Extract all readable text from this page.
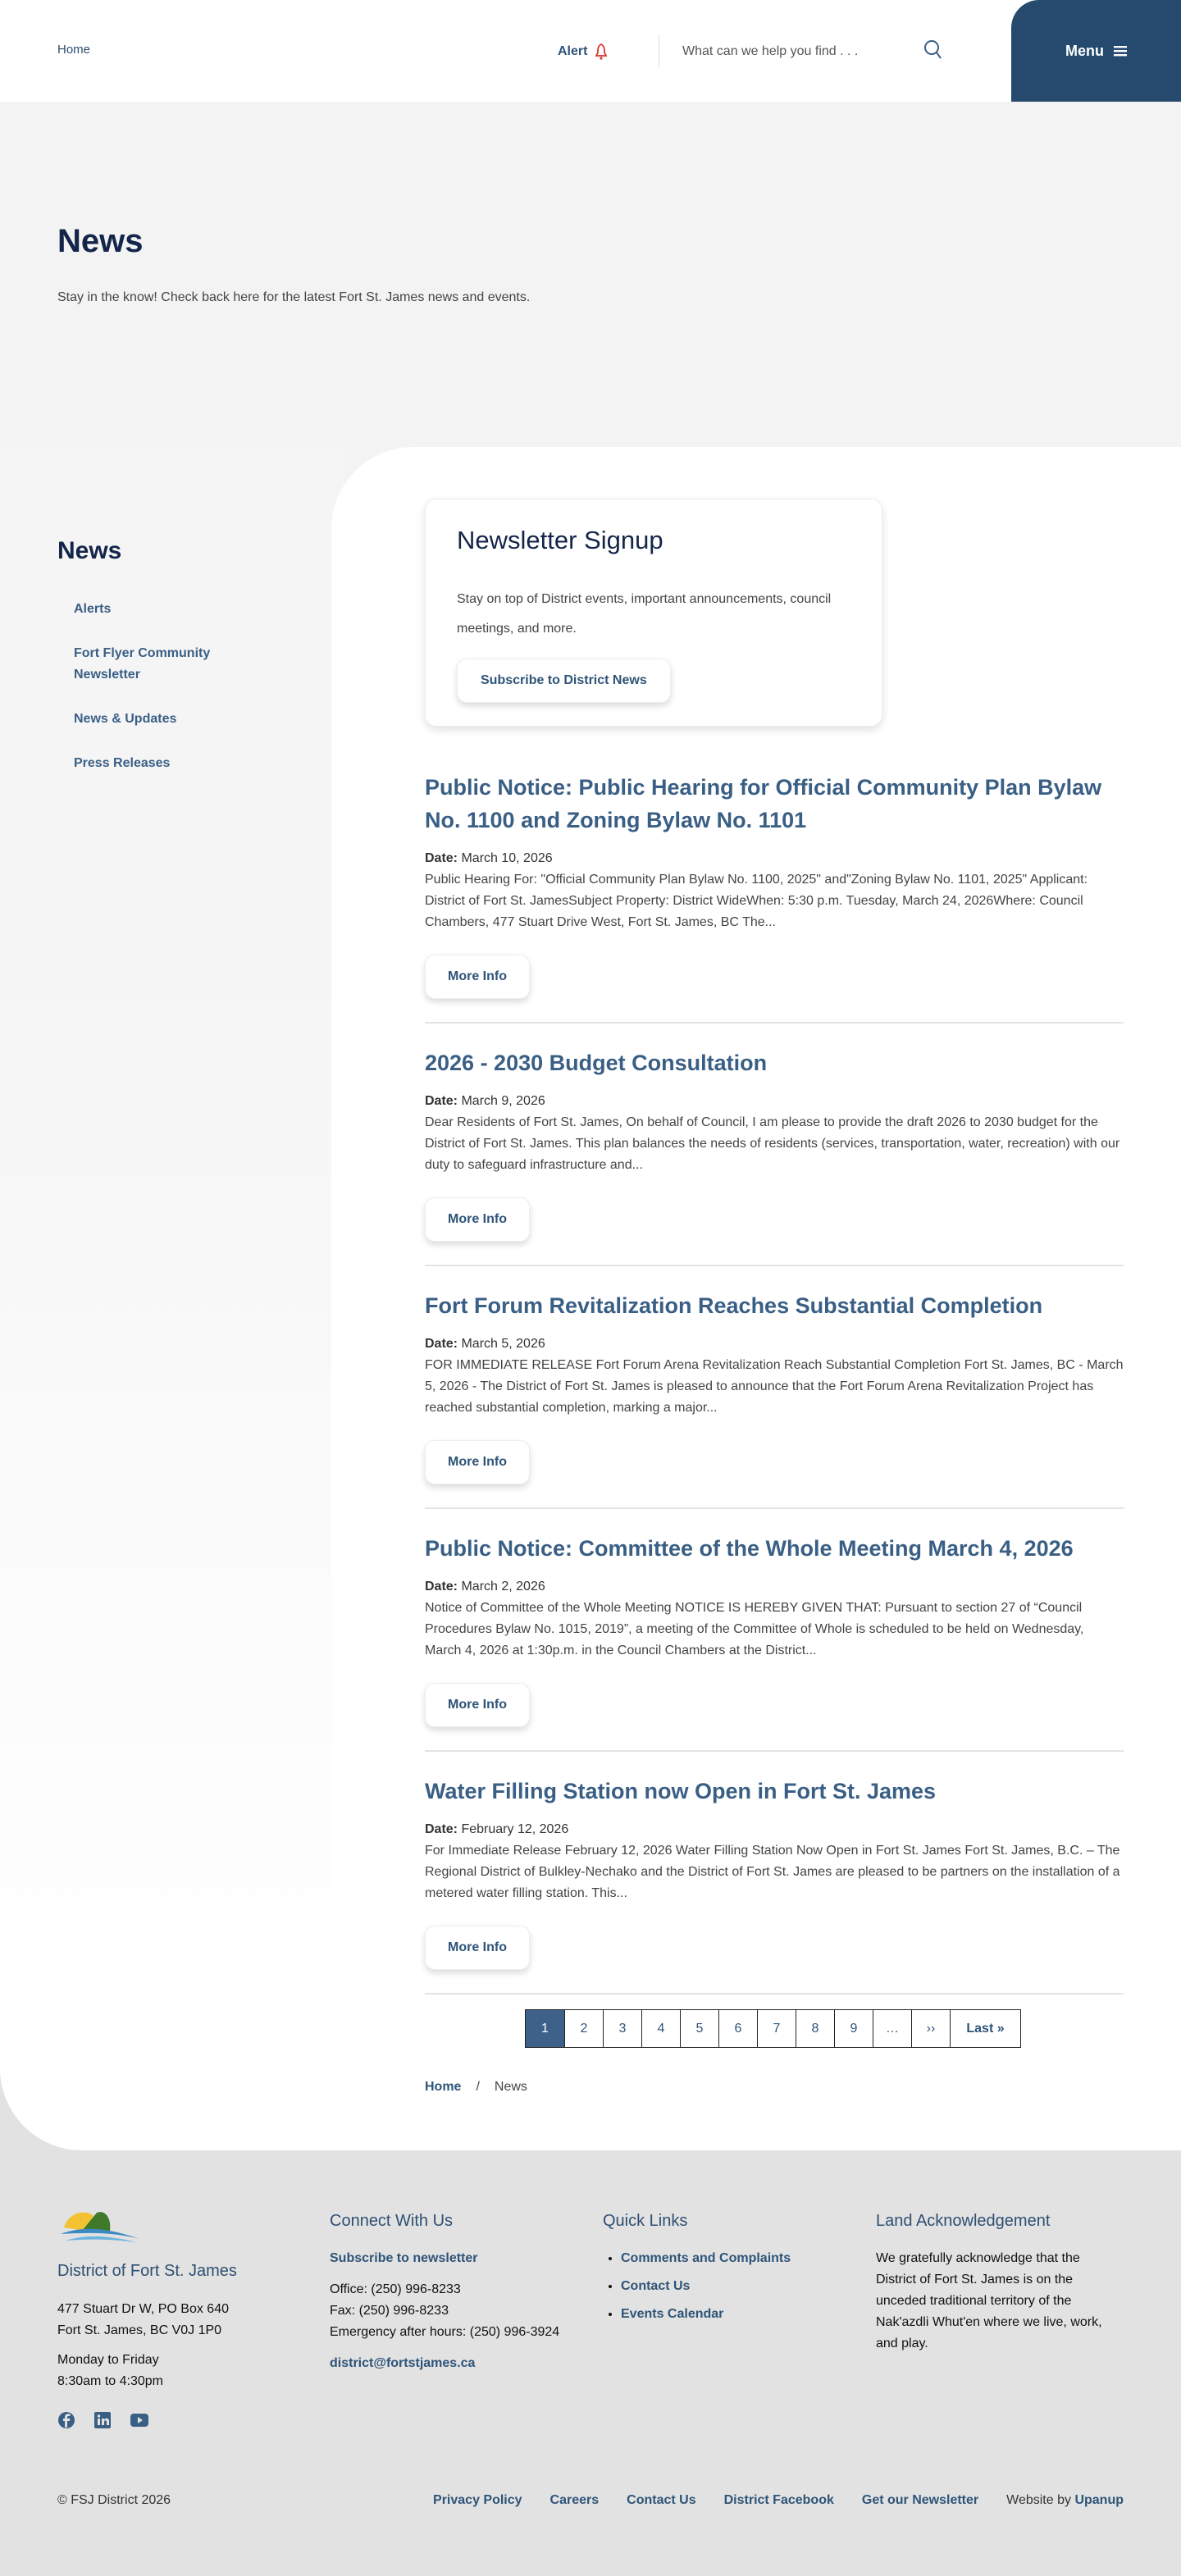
Home	Alert
What can we help you find . . .	Menu
News

Stay in the know! Check back here for the latest Fort St. James news and events.

News
Alerts
Fort Flyer Community Newsletter
News & Updates
Press Releases
Newsletter Signup

Stay on top of District events, important announcements, council meetings, and more.

Subscribe to District News
Public Notice: Public Hearing for Official Community Plan Bylaw No. 1100 and Zoning Bylaw No. 1101
Date: March 10, 2026

Public Hearing For: "Official Community Plan Bylaw No. 1100, 2025" and"Zoning Bylaw No. 1101, 2025" Applicant: District of Fort St. JamesSubject Property: District WideWhen: 5:30 p.m. Tuesday, March 24, 2026Where: Council Chambers, 477 Stuart Drive West, Fort St. James, BC The...

More Info
2026 - 2030 Budget Consultation
Date: March 9, 2026

Dear Residents of Fort St. James, On behalf of Council, I am please to provide the draft 2026 to 2030 budget for the District of Fort St. James. This plan balances the needs of residents (services, transportation, water, recreation) with our duty to safeguard infrastructure and...

More Info
Fort Forum Revitalization Reaches Substantial Completion
Date: March 5, 2026

FOR IMMEDIATE RELEASE Fort Forum Arena Revitalization Reach Substantial Completion Fort St. James, BC - March 5, 2026 - The District of Fort St. James is pleased to announce that the Fort Forum Arena Revitalization Project has reached substantial completion, marking a major...

More Info
Public Notice: Committee of the Whole Meeting March 4, 2026
Date: March 2, 2026

Notice of Committee of the Whole Meeting NOTICE IS HEREBY GIVEN THAT: Pursuant to section 27 of “Council Procedures Bylaw No. 1015, 2019”, a meeting of the Committee of Whole is scheduled to be held on Wednesday, March 4, 2026 at 1:30p.m. in the Council Chambers at the District...

More Info
Water Filling Station now Open in Fort St. James
Date: February 12, 2026

For Immediate Release February 12, 2026 Water Filling Station Now Open in Fort St. James Fort St. James, B.C. – The Regional District of Bulkley-Nechako and the District of Fort St. James are pleased to be partners on the installation of a metered water filling station. This...

More Info
1	2	3	4	5	6	7	8	9	…	››	Last »
Home / News
District of Fort St. James
477 Stuart Dr W, PO Box 640
Fort St. James, BC V0J 1P0
Monday to Friday
8:30am to 4:30pm
Connect With Us
Subscribe to newsletter
Office: (250) 996-8233
Fax: (250) 996-8233
Emergency after hours: (250) 996-3924
district@fortstjames.ca
Quick Links
• Comments and Complaints
• Contact Us
• Events Calendar
Land Acknowledgement

We gratefully acknowledge that the District of Fort St. James is on the unceded traditional territory of the Nak'azdli Whut'en where we live, work, and play.

© FSJ District 2026	Privacy Policy Careers Contact Us District Facebook Get our Newsletter Website by Upanup
